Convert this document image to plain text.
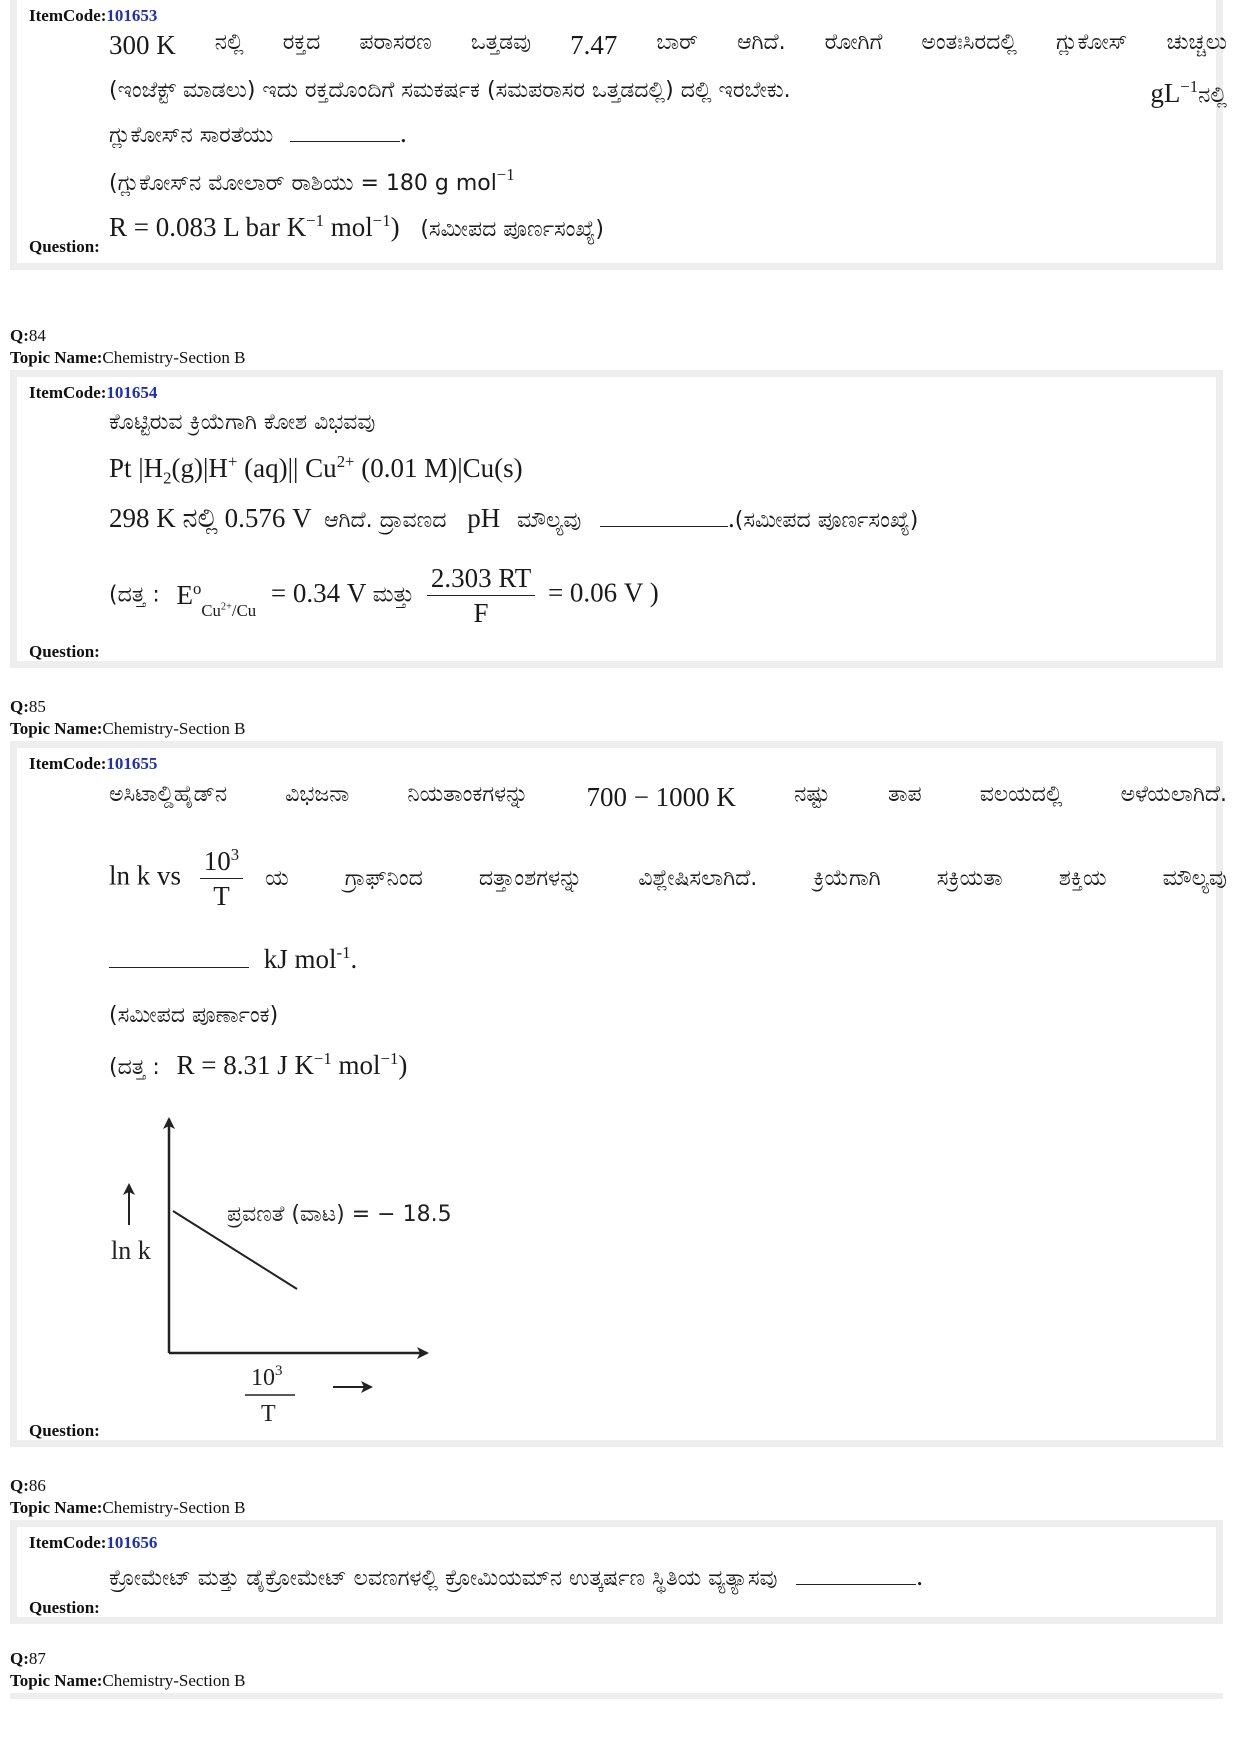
ItemCode:101653
300 K ನಲ್ಲಿ ರಕ್ತದ ಪರಾಸರಣ ಒತ್ತಡವು 7.47 ಬಾರ್ ಆಗಿದೆ. ರೋಗಿಗೆ ಅಂತಃಸಿರದಲ್ಲಿ ಗ್ಲುಕೋಸ್ ಚುಚ್ಚಲು
(ಇಂಜೆಕ್ಟ್ ಮಾಡಲು) ಇದು ರಕ್ತದೊಂದಿಗೆ ಸಮಕರ್ಷಕ (ಸಮಪರಾಸರ ಒತ್ತಡದಲ್ಲಿ) ದಲ್ಲಿ ಇರಬೇಕು.	$gL^{-1}ನಲ್ಲಿ$
ಗ್ಲುಕೋಸ್‌ನ ಸಾರತೆಯು	.
(ಗ್ಲುಕೋಸ್‌ನ ಮೋಲಾರ್ ರಾಶಿಯು = 180 g mol$^{-1}$
R = 0.083 L bar $K^{-1}$ mol$^{-1}$) (ಸಮೀಪದ ಪೂರ್ಣಸಂಖ್ಯೆ)
Question:
Q:84
Topic Name:Chemistry-Section B
ItemCode:101654
ಕೊಟ್ಟಿರುವ ಕ್ರಿಯೆಗಾಗಿ ಕೋಶ ವಿಭವವು
Pt $|H_2(g)|H^+$ (aq)|| $Cu^{2+}$ (0.01 M)|Cu(s)
298 K ನಲ್ಲಿ 0.576 V ಆಗಿದೆ. ದ್ರಾವಣದ pH ಮೌಲ್ಯವು	.(ಸಮೀಪದ ಪೂರ್ಣಸಂಖ್ಯೆ)
(ದತ್ತ : $E^o_{Cu^{2+}/Cu} = 0.34$ V ಮತ್ತು $\frac{2.303 RT}{F} = 0.06$ V )
Question:
Q:85
Topic Name:Chemistry-Section B
ItemCode:101655
ಅಸಿಟಾಲ್ಡಿಹೈಡ್‌ನ	ವಿಭಜನಾ	ನಿಯತಾಂಕಗಳನ್ನು 700 − 1000 K	ನಷ್ಟು	ತಾಪ	ವಲಯದಲ್ಲಿ	ಅಳೆಯಲಾಗಿದೆ.
ln k vs $\frac{10^3}{T}$ ಯ	ಗ್ರಾಫ್‌ನಿಂದ	ದತ್ತಾಂಶಗಳನ್ನು	ವಿಶ್ಲೇಷಿಸಲಾಗಿದೆ.	ಕ್ರಿಯೆಗಾಗಿ	ಸಕ್ರಿಯತಾ	ಶಕ್ತಿಯ	ಮೌಲ್ಯವು
kJ mol$^{-1}$.
(ಸಮೀಪದ ಪೂರ್ಣಾಂಕ)
(ದತ್ತ : R = 8.31 J $K^{-1}$ mol$^{-1}$)
ln k
ಪ್ರವಣತೆ (ವಾಟ) = − 18.5
$10^3$
T
Question:
Q:86
Topic Name:Chemistry-Section B
ItemCode:101656
ಕ್ರೋಮೇಟ್ ಮತ್ತು ಡೈಕ್ರೋಮೇಟ್ ಲವಣಗಳಲ್ಲಿ ಕ್ರೋಮಿಯಮ್‌ನ ಉತ್ಕರ್ಷಣ ಸ್ಥಿತಿಯ ವ್ಯತ್ಯಾಸವು	.
Question:
Q:87
Topic Name:Chemistry-Section B
